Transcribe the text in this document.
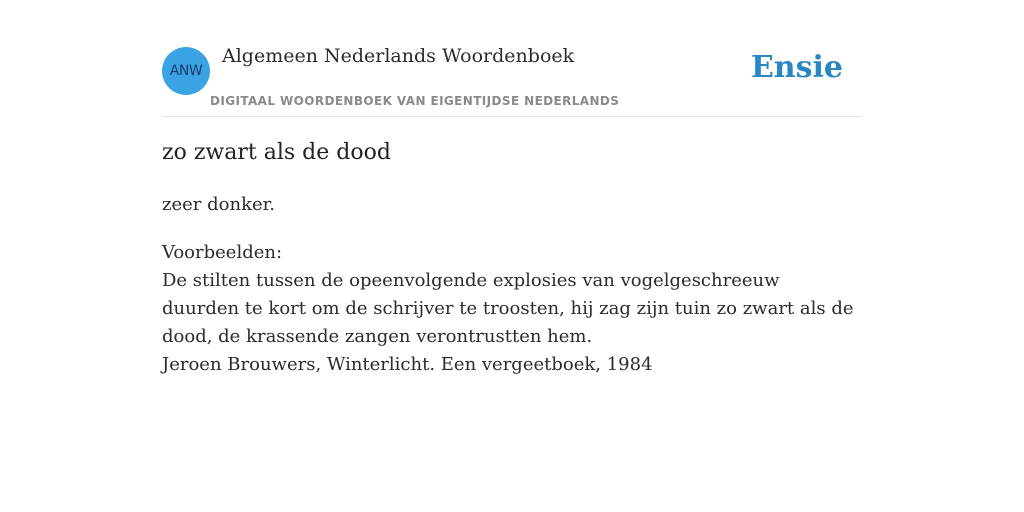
ANW
Algemeen Nederlands Woordenboek
DIGITAAL WOORDENBOEK VAN EIGENTIJDSE NEDERLANDS
Ensie
zo zwart als de dood

zeer donker.

Voorbeelden:
De stilten tussen de opeenvolgende explosies van vogelgeschreeuw duurden te kort om de schrijver te troosten, hij zag zijn tuin zo zwart als de dood, de krassende zangen verontrustten hem.
Jeroen Brouwers, Winterlicht. Een vergeetboek, 1984
